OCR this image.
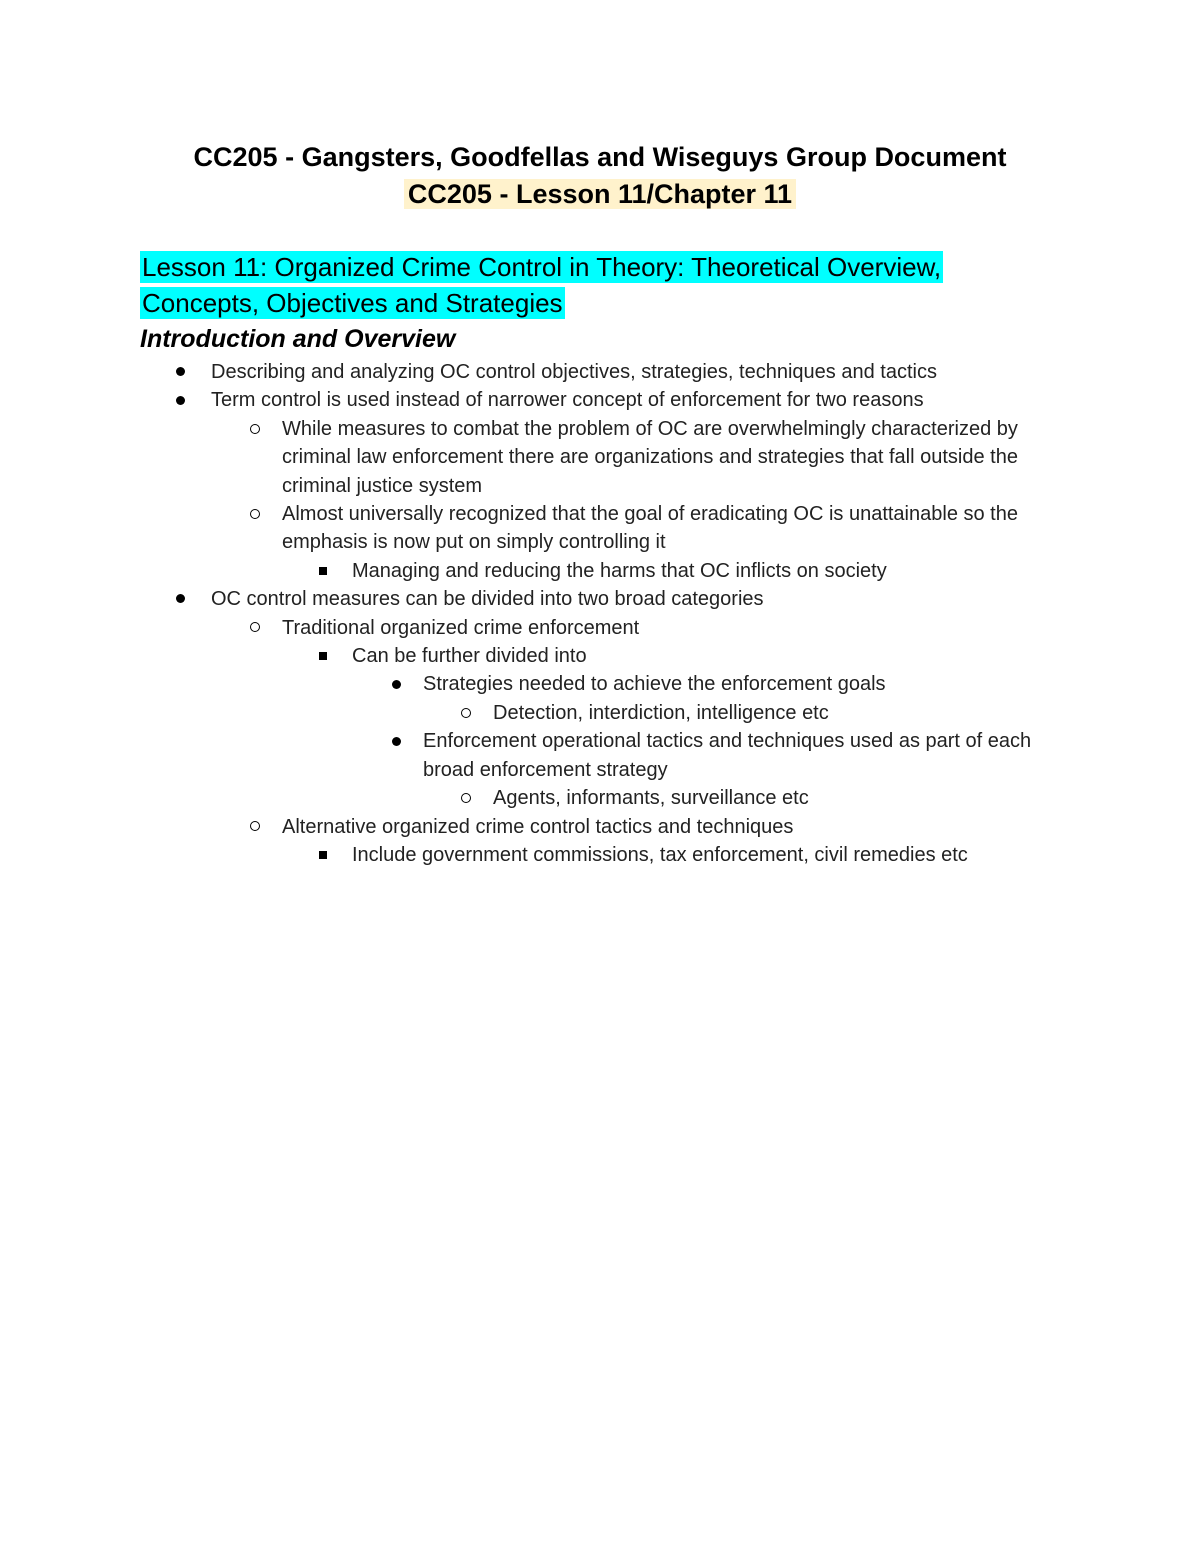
CC205 - Gangsters, Goodfellas and Wiseguys Group Document
CC205 - Lesson 11/Chapter 11
Lesson 11: Organized Crime Control in Theory: Theoretical Overview, Concepts, Objectives and Strategies
Introduction and Overview
Describing and analyzing OC control objectives, strategies, techniques and tactics
Term control is used instead of narrower concept of enforcement for two reasons
While measures to combat the problem of OC are overwhelmingly characterized by criminal law enforcement there are organizations and strategies that fall outside the criminal justice system
Almost universally recognized that the goal of eradicating OC is unattainable so the emphasis is now put on simply controlling it
Managing and reducing the harms that OC inflicts on society
OC control measures can be divided into two broad categories
Traditional organized crime enforcement
Can be further divided into
Strategies needed to achieve the enforcement goals
Detection, interdiction, intelligence etc
Enforcement operational tactics and techniques used as part of each broad enforcement strategy
Agents, informants, surveillance etc
Alternative organized crime control tactics and techniques
Include government commissions, tax enforcement, civil remedies etc
